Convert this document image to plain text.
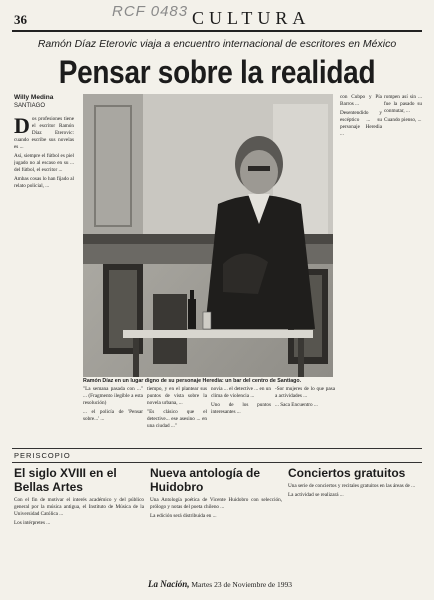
36	RCF 0483 CULTURA
Ramón Díaz Eterovic viaja a encuentro internacional de escritores en México
Pensar sobre la realidad
Willy Medina
SANTIAGO
D os profesiones tiene el escritor Ramón Díaz Eterovic: cuando escribe sus novelas es ...

Así, siempre el fútbol es piel jugado no al escaso en su ... del fútbol, el escritor ...

Ambas cosas lo han fijado al relato policial, ...

Ramón Díaz en un lugar digno de su personaje Heredia: un bar del centro de Santiago.

"La semana pasada con ..." ... (Fragmento ilegible a esta resolución)

... el policía de 'Pensar sobre...' ...

tiempo, y en el plantear sus puntos de vista sobre la novela urbana, ...

"Es clásico que el detective... ese asesino ... en una ciudad ..."

novia ... el detective ... en un clima de violencia ...

Uno de los puntos interesantes ...

-Sor mujeres de lo que pasa a actividades ...

... Saca Encuentro ...

con Cubpo y Pía Barros ...

Desentendido y escéptico ... su personaje Heredia ...

rompen así sin ... fue la pasado su conmutar, ...

Cuando pienso, ...

PERISCOPIO
El siglo XVIII en el Bellas Artes

Con el fin de motivar el interés académico y del público general por la música antigua, el Instituto de Música de la Universidad Católica ...

Los intérpretes ...

Nueva antología de Huidobro

Una Antología poética de Vicente Huidobro con selección, prólogo y notas del poeta chileno ...

La edición será distribuida en ...

Conciertos gratuitos

Una serie de conciertos y recitales gratuitos en las áreas de ...

La actividad se realizará ...

La Nación, Martes 23 de Noviembre de 1993
